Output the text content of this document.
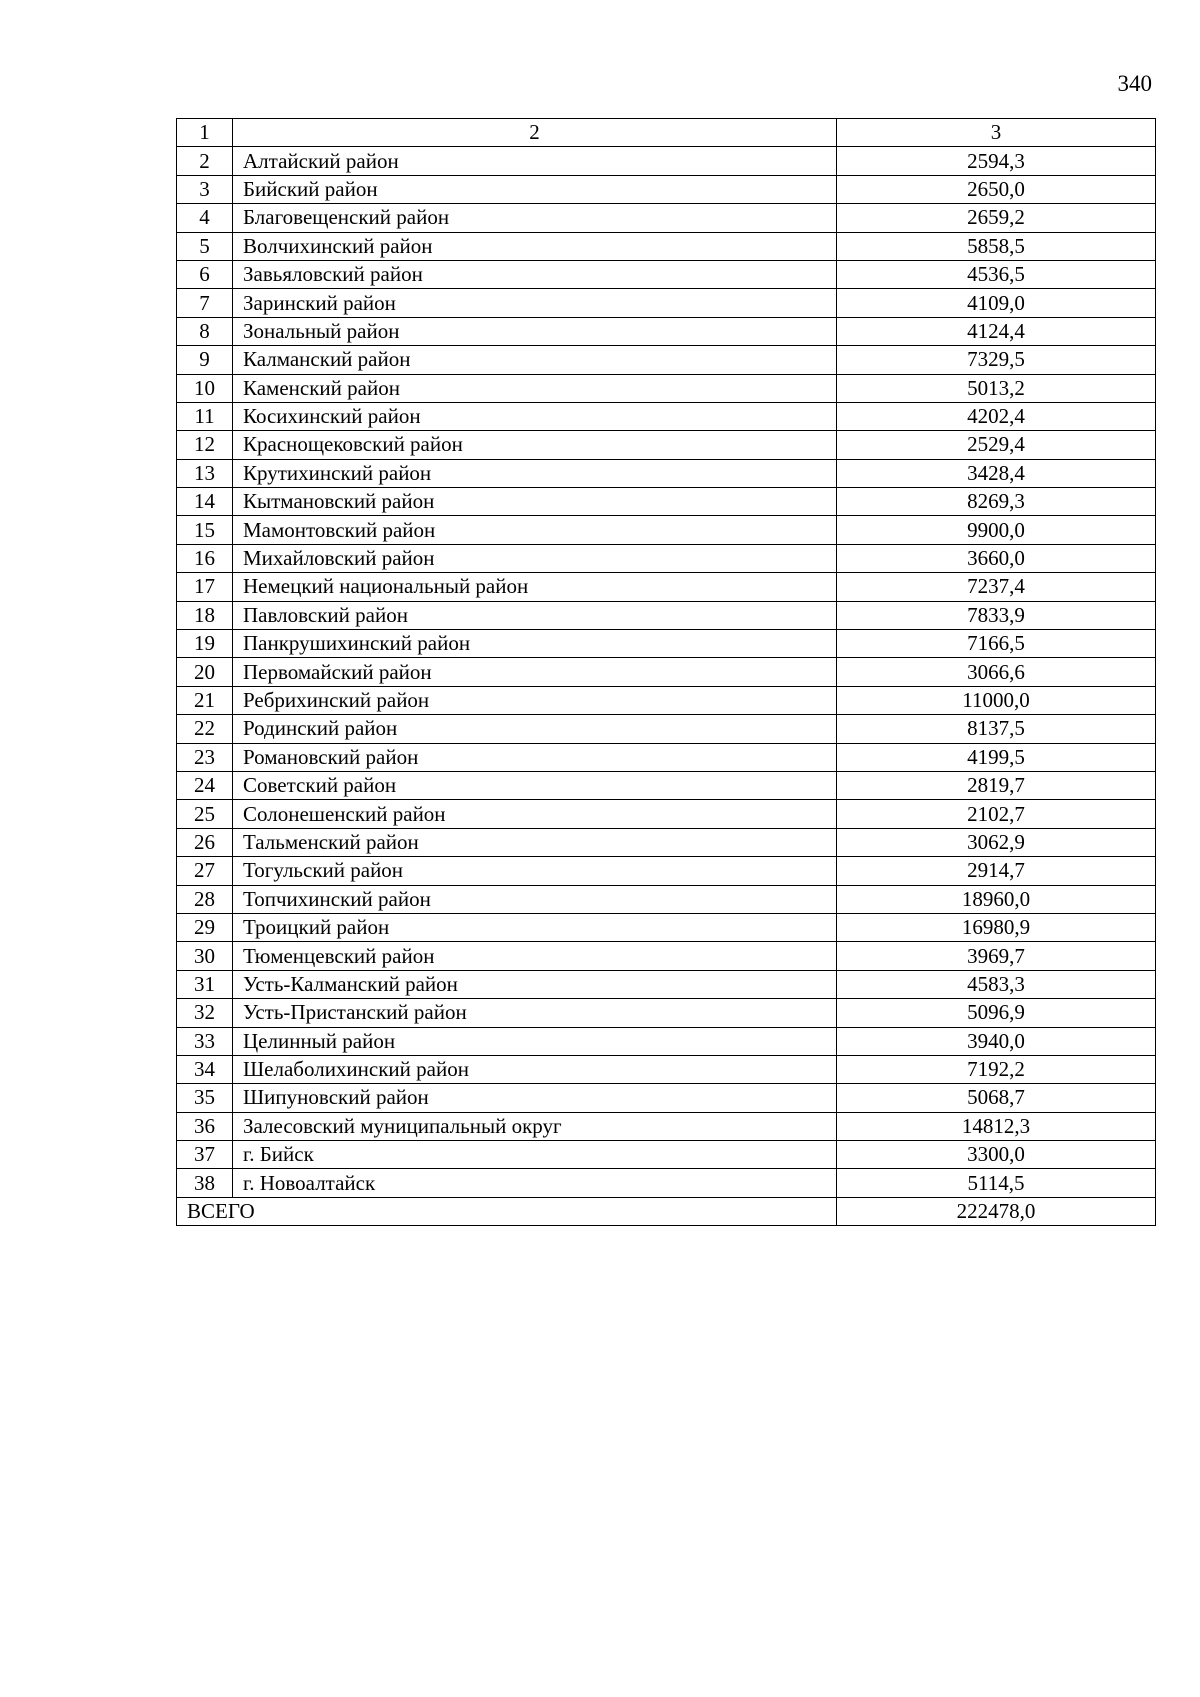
340
1	2	3
2	Алтайский район	2594,3
3	Бийский район	2650,0
4	Благовещенский район	2659,2
5	Волчихинский район	5858,5
6	Завьяловский район	4536,5
7	Заринский район	4109,0
8	Зональный район	4124,4
9	Калманский район	7329,5
10	Каменский район	5013,2
11	Косихинский район	4202,4
12	Краснощековский район	2529,4
13	Крутихинский район	3428,4
14	Кытмановский район	8269,3
15	Мамонтовский район	9900,0
16	Михайловский район	3660,0
17	Немецкий национальный район	7237,4
18	Павловский район	7833,9
19	Панкрушихинский район	7166,5
20	Первомайский район	3066,6
21	Ребрихинский район	11000,0
22	Родинский район	8137,5
23	Романовский район	4199,5
24	Советский район	2819,7
25	Солонешенский район	2102,7
26	Тальменский район	3062,9
27	Тогульский район	2914,7
28	Топчихинский район	18960,0
29	Троицкий район	16980,9
30	Тюменцевский район	3969,7
31	Усть-Калманский район	4583,3
32	Усть-Пристанский район	5096,9
33	Целинный район	3940,0
34	Шелаболихинский район	7192,2
35	Шипуновский район	5068,7
36	Залесовский муниципальный округ	14812,3
37	г. Бийск	3300,0
38	г. Новоалтайск	5114,5
ВСЕГО		222478,0
